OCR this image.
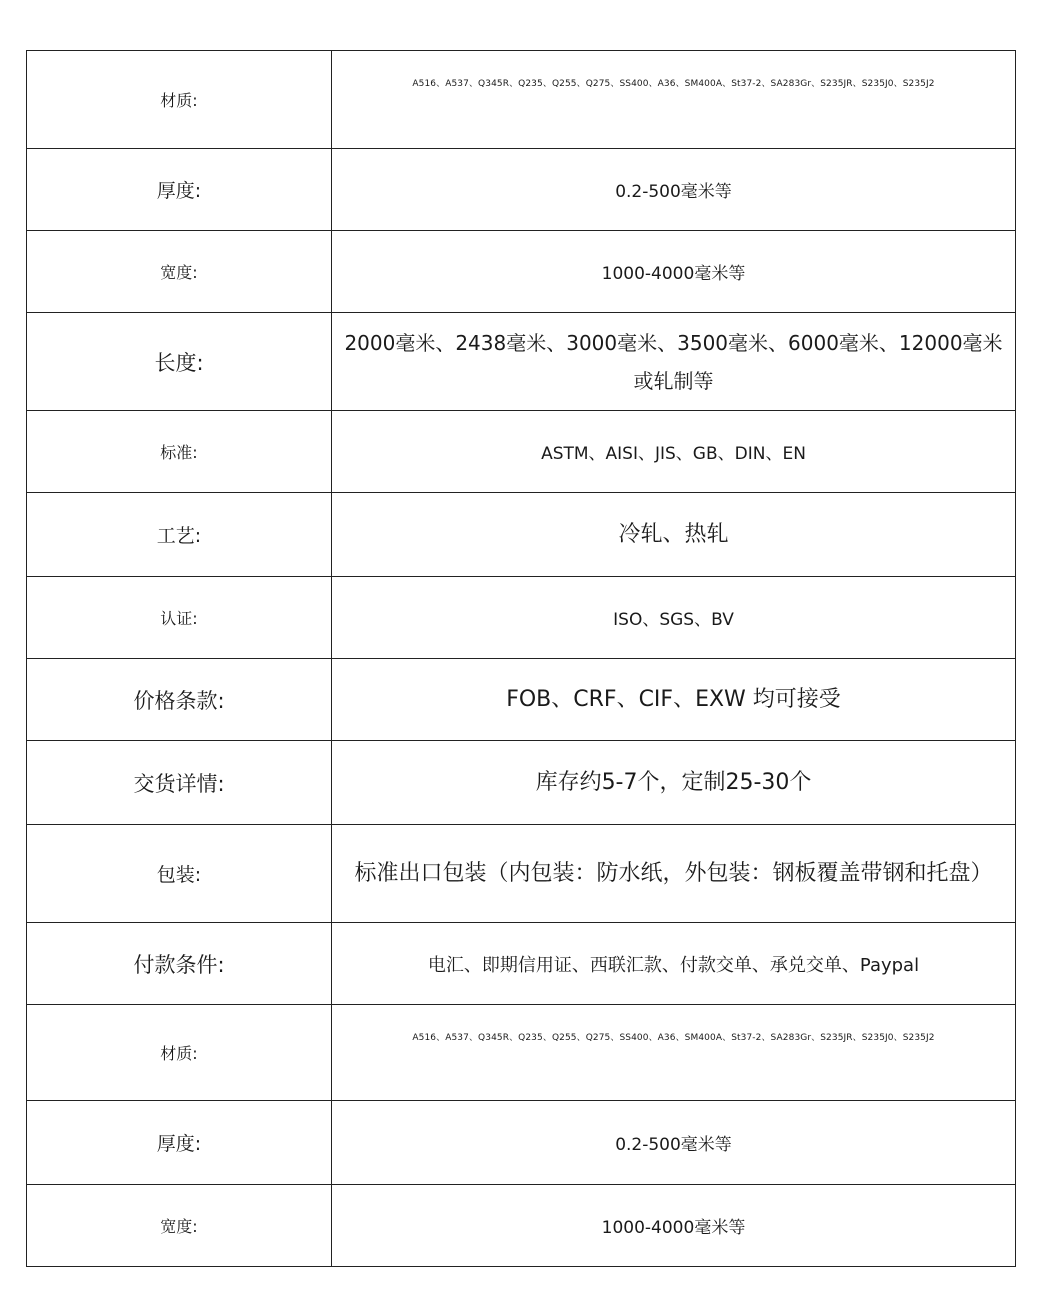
材质:	A516、A537、Q345R、Q235、Q255、Q275、SS400、A36、SM400A、St37-2、SA283Gr、S235JR、S235J0、S235J2
厚度:	0.2-500毫米等
宽度:	1000-4000毫米等
长度:	2000毫米、2438毫米、3000毫米、3500毫米、6000毫米、12000毫米或轧制等
标准:	ASTM、AISI、JIS、GB、DIN、EN
工艺:	冷轧、热轧
认证:	ISO、SGS、BV
价格条款:	FOB、CRF、CIF、EXW 均可接受
交货详情:	库存约5-7个，定制25-30个
包装:	标准出口包装（内包装：防水纸，外包装：钢板覆盖带钢和托盘）
付款条件:	电汇、即期信用证、西联汇款、付款交单、承兑交单、Paypal
材质:	A516、A537、Q345R、Q235、Q255、Q275、SS400、A36、SM400A、St37-2、SA283Gr、S235JR、S235J0、S235J2
厚度:	0.2-500毫米等
宽度:	1000-4000毫米等
